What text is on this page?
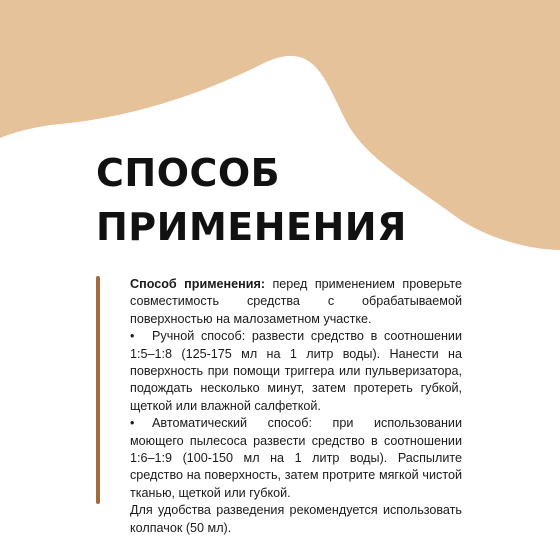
СПОСОБ
ПРИМЕНЕНИЯ

Способ применения: перед применением проверьте совместимость средства с обрабатываемой поверхностью на малозаметном участке.

• Ручной способ: развести средство в соотношении 1:5–1:8 (125-175 мл на 1 литр воды). Нанести на поверхность при помощи триггера или пульверизатора, подождать несколько минут, затем протереть губкой, щеткой или влажной салфеткой.

• Автоматический способ: при использовании моющего пылесоса развести средство в соотношении 1:6–1:9 (100-150 мл на 1 литр воды). Распылите средство на поверхность, затем протрите мягкой чистой тканью, щеткой или губкой.

Для удобства разведения рекомендуется использовать колпачок (50 мл).
